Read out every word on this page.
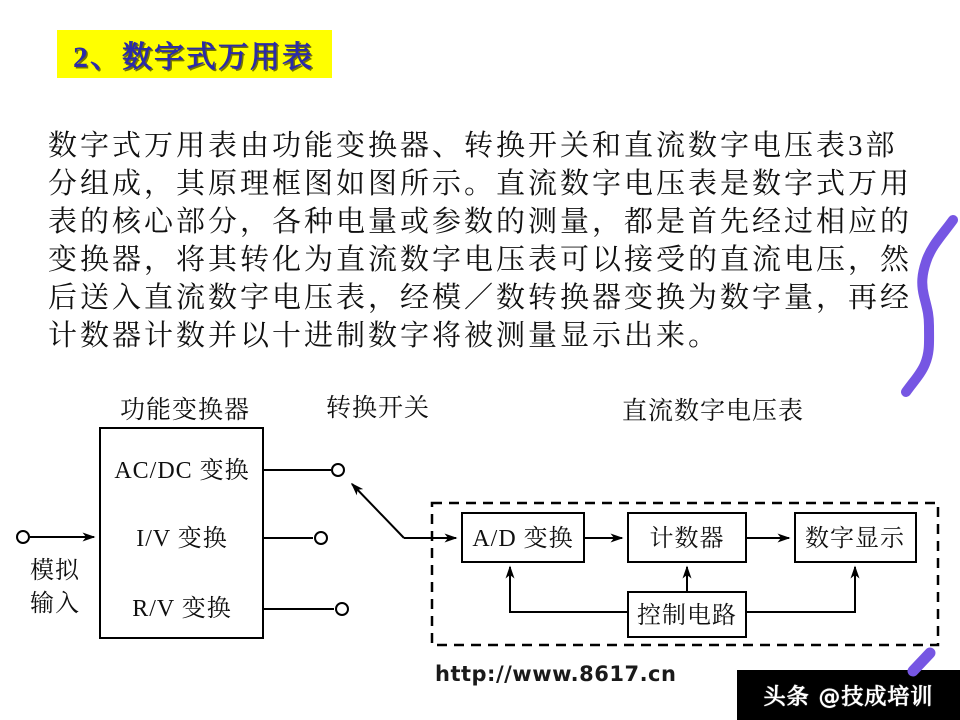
2、数字式万用表
数字式万用表由功能变换器、转换开关和直流数字电压表3部
分组成，其原理框图如图所示。直流数字电压表是数字式万用
表的核心部分，各种电量或参数的测量，都是首先经过相应的
变换器，将其转化为直流数字电压表可以接受的直流电压，然
后送入直流数字电压表，经模／数转换器变换为数字量，再经
计数器计数并以十进制数字将被测量显示出来。
功能变换器	转换开关	直流数字电压表
AC/DC 变换
I/V 变换
R/V 变换
模拟
输入
A/D 变换	计数器	数字显示
控制电路
http://www.8617.cn
头条 @技成培训
